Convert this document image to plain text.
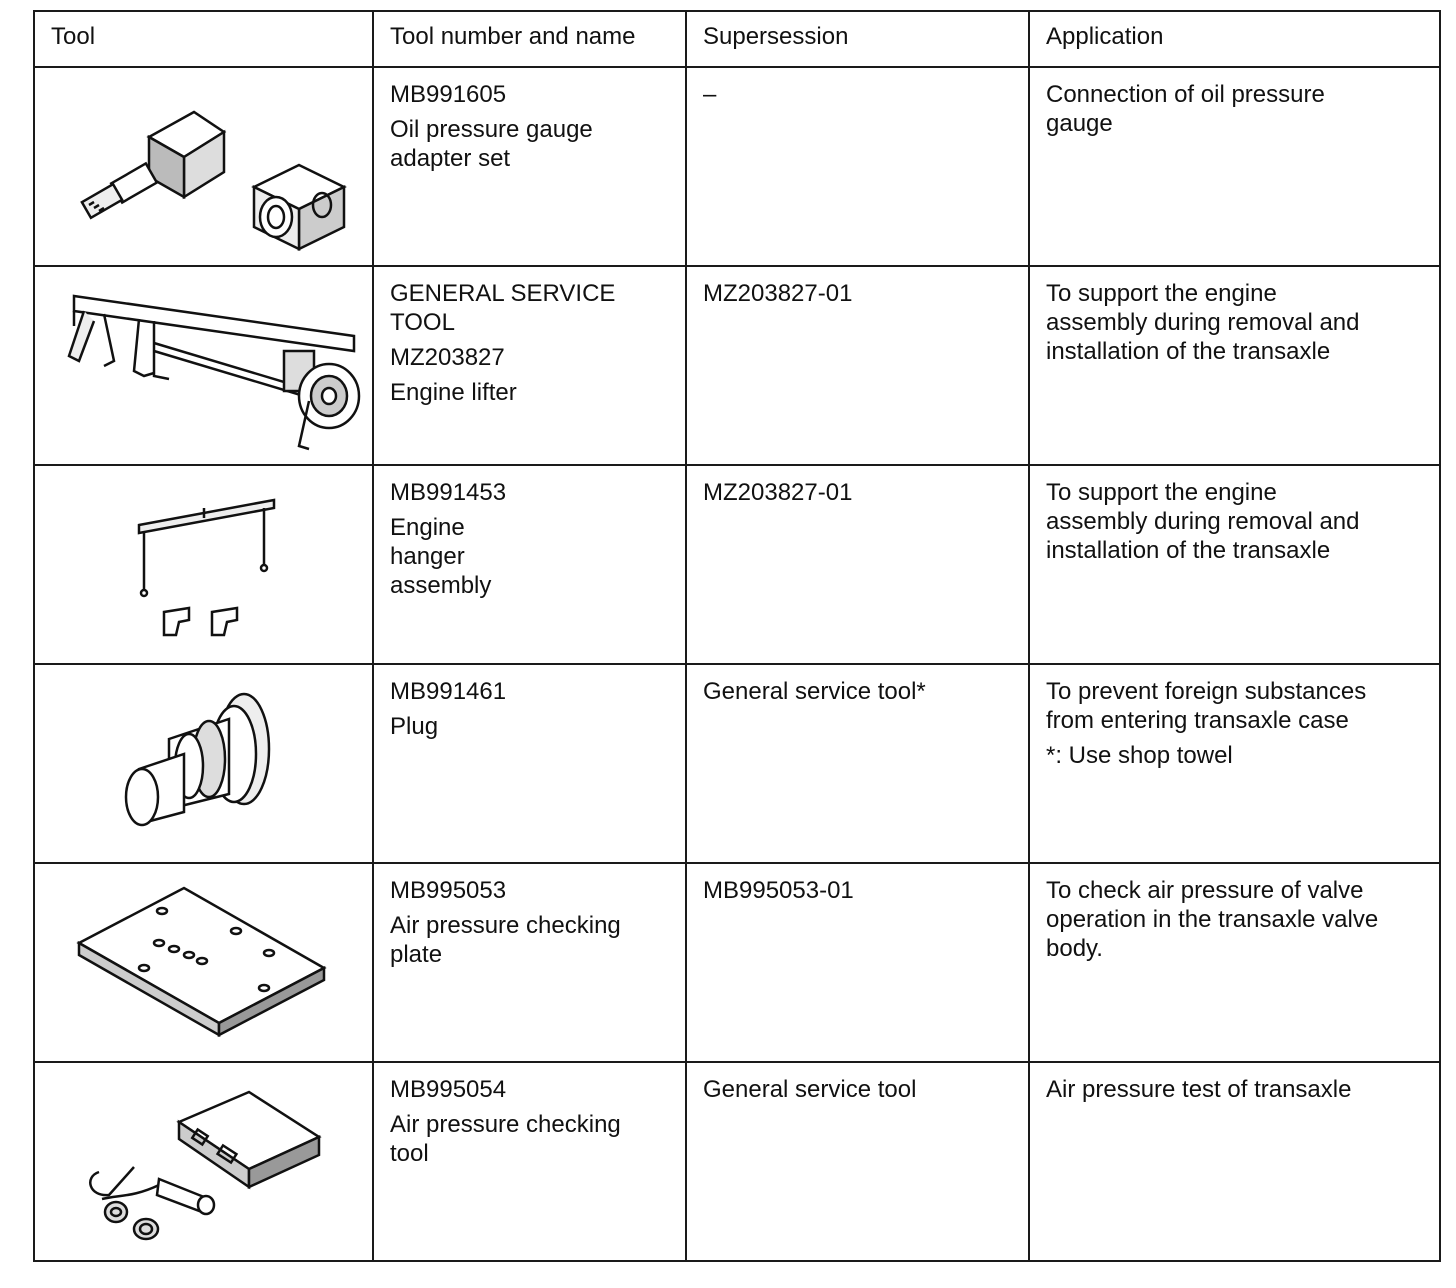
Tool	Tool number and name	Supersession	Application

MB991605
Oil pressure gauge
adapter set	–	Connection of oil pressure
gauge

GENERAL SERVICE
TOOL
MZ203827
Engine lifter	MZ203827-01	To support the engine
assembly during removal and
installation of the transaxle

MB991453
Engine
hanger
assembly	MZ203827-01	To support the engine
assembly during removal and
installation of the transaxle

MB991461
Plug	General service tool*	To prevent foreign substances
from entering transaxle case
*: Use shop towel

MB995053
Air pressure checking
plate	MB995053-01	To check air pressure of valve
operation in the transaxle valve
body.

MB995054
Air pressure checking
tool	General service tool	Air pressure test of transaxle
